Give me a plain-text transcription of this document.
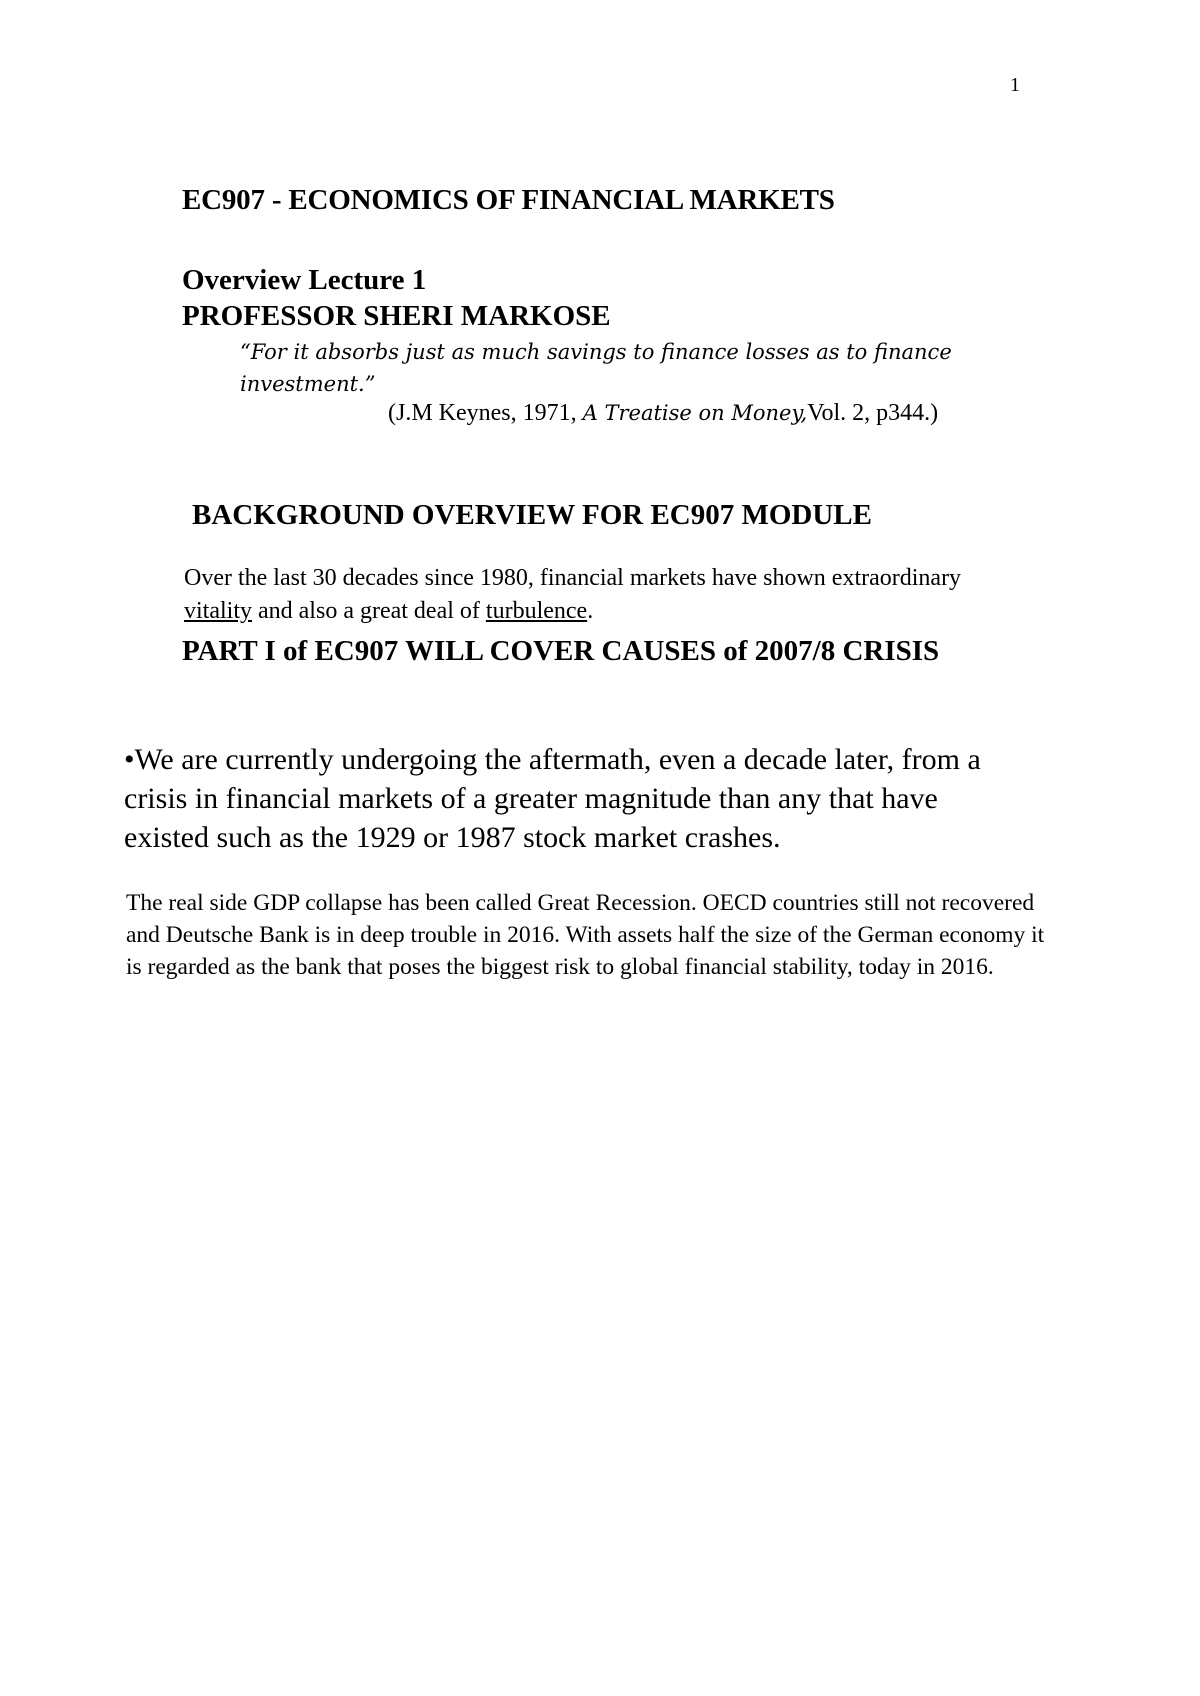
1
EC907 - ECONOMICS OF FINANCIAL MARKETS
Overview Lecture 1
PROFESSOR SHERI MARKOSE
“For it absorbs just as much savings to finance losses as to finance investment.”
(J.M Keynes, 1971, A Treatise on Money,Vol. 2, p344.)
BACKGROUND OVERVIEW FOR EC907 MODULE
Over the last 30 decades since 1980, financial markets have shown extraordinary vitality and also a great deal of turbulence.
PART I of EC907 WILL COVER CAUSES of 2007/8 CRISIS
•We are currently undergoing the aftermath, even a decade later, from a crisis in financial markets of a greater magnitude than any that have existed such as the 1929 or 1987 stock market crashes.
The real side GDP collapse has been called Great Recession. OECD countries still not recovered and Deutsche Bank is in deep trouble in 2016. With assets half the size of the German economy it is regarded as the bank that poses the biggest risk to global financial stability, today in 2016.
